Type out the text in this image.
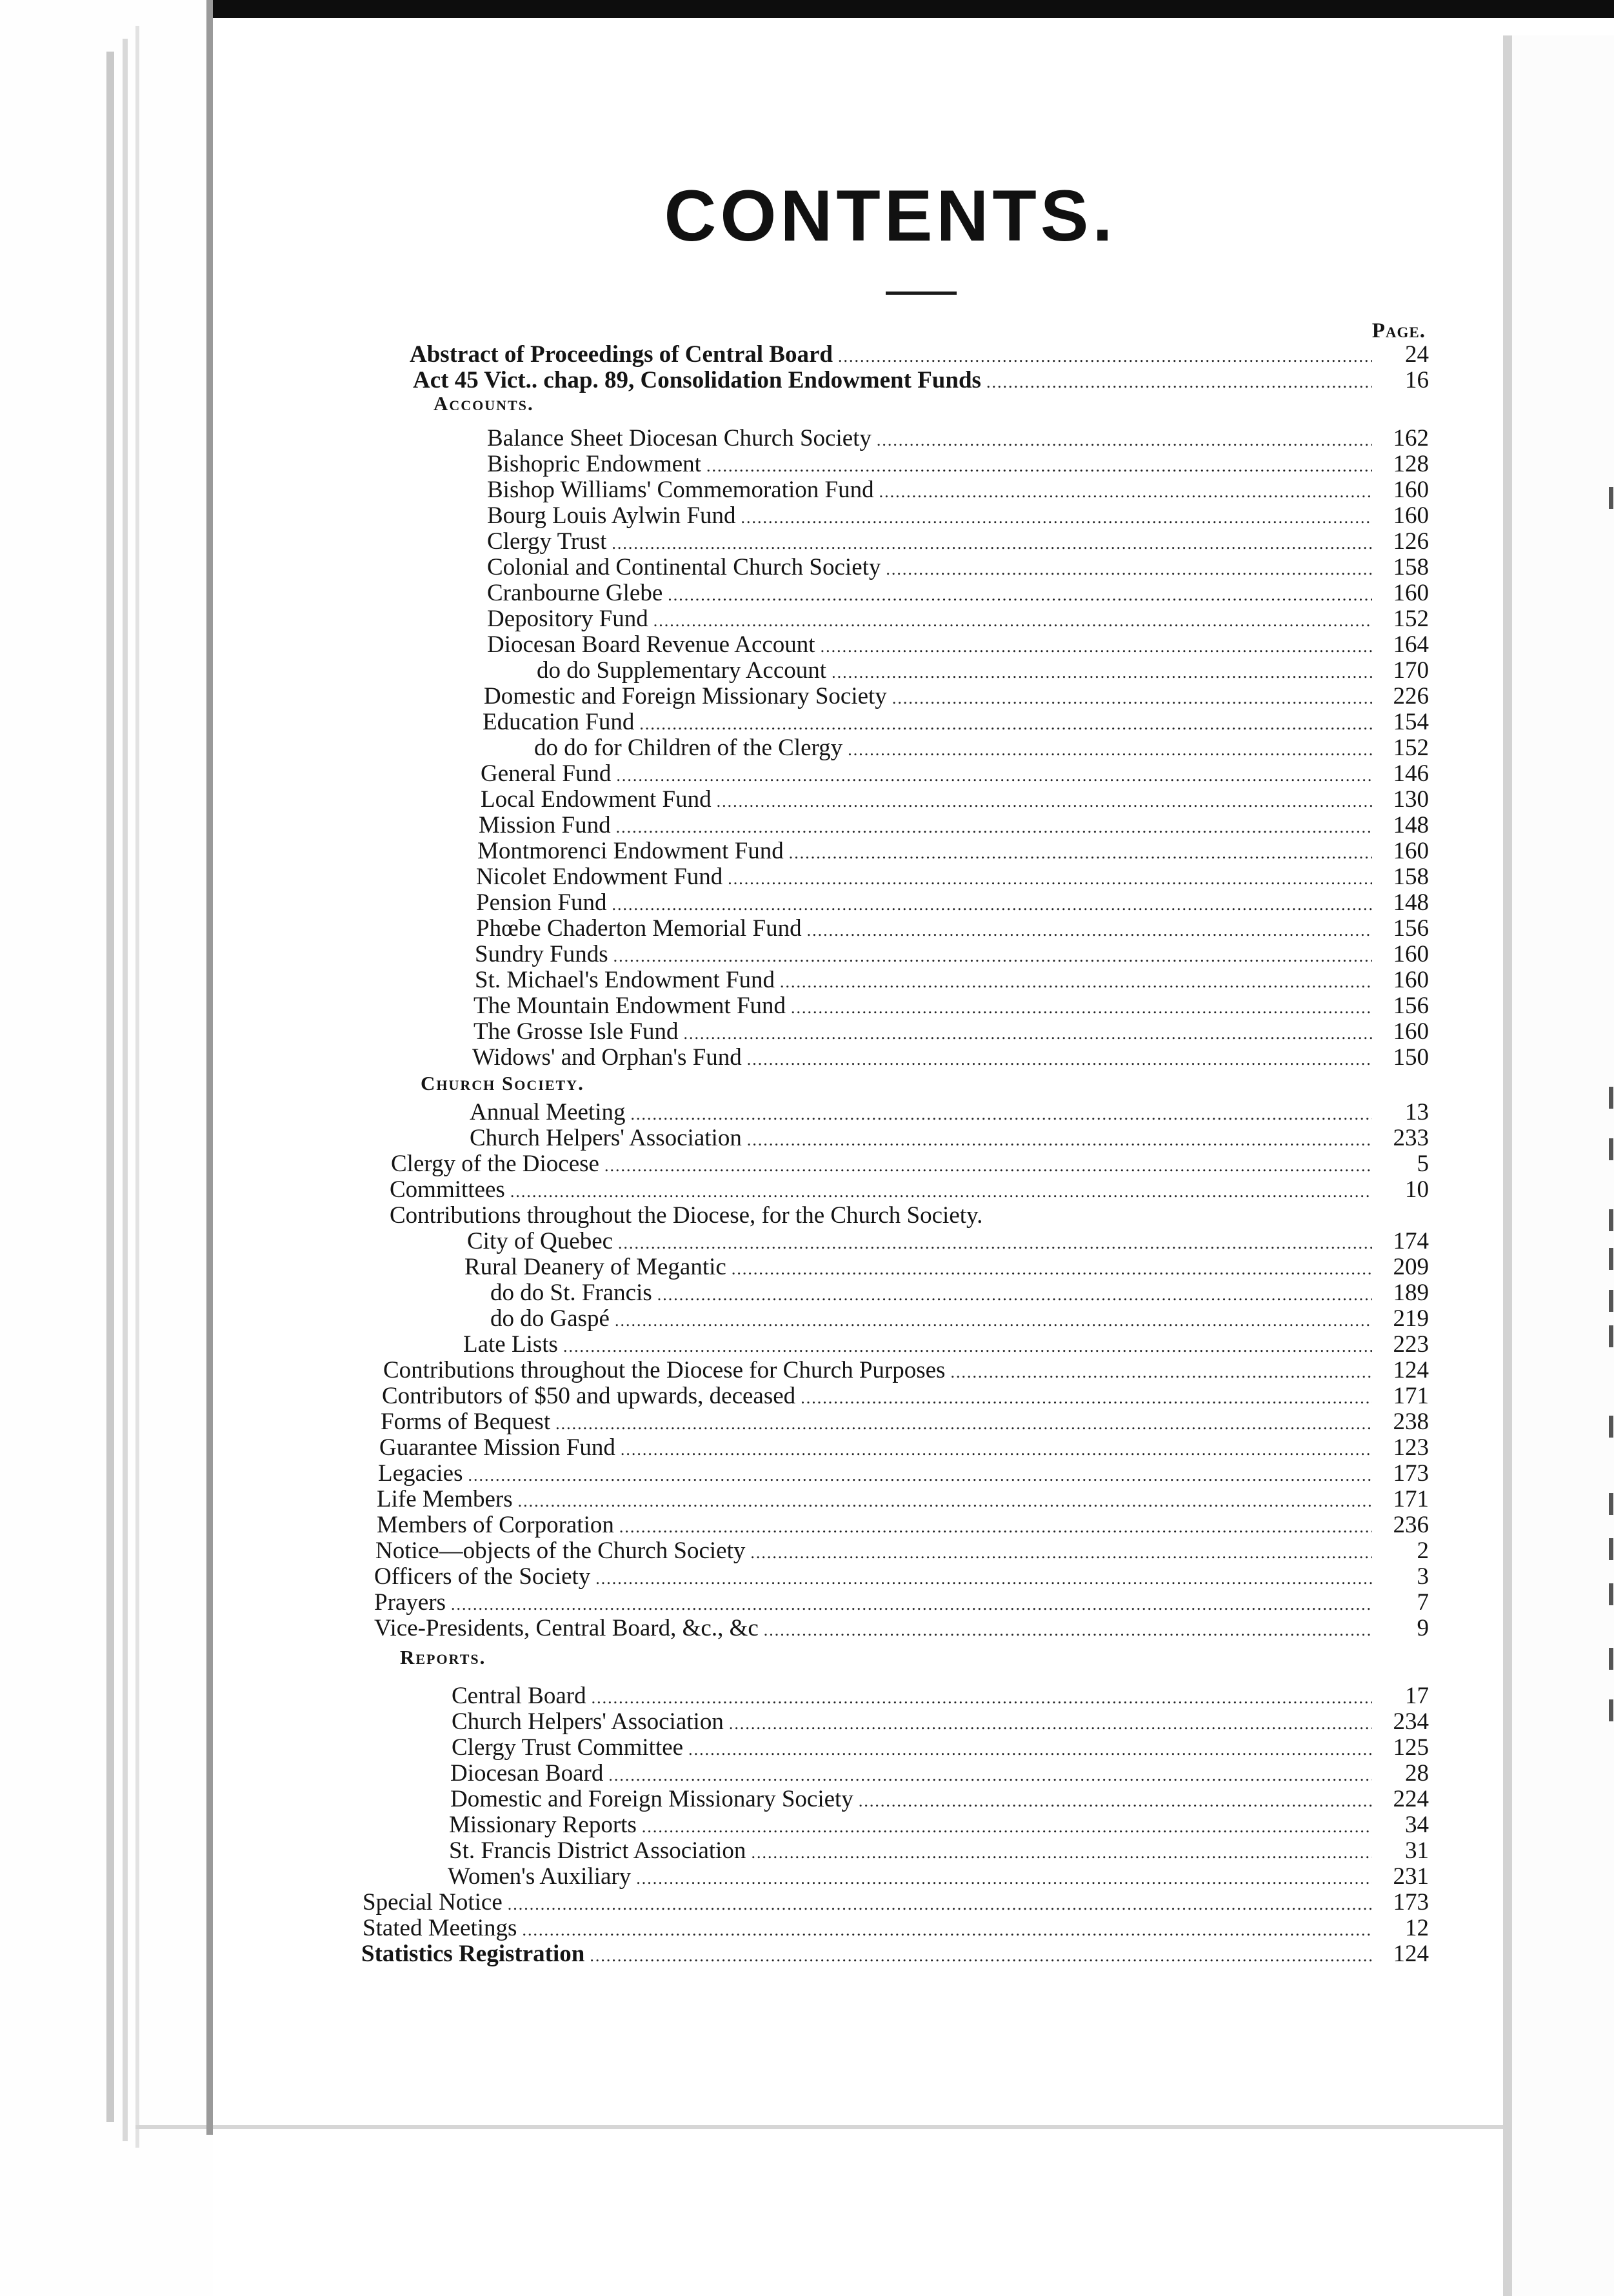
CONTENTS.
Page.
Abstract of Proceedings of Central Board .....	24
Act 45 Vict.. chap. 89, Consolidation Endowment Funds .....	16
Accounts.
Balance Sheet Diocesan Church Society .....	162
Bishopric Endowment .....	128
Bishop Williams' Commemoration Fund .....	160
Bourg Louis Aylwin Fund .....	160
Clergy Trust .....	126
Colonial and Continental Church Society .....	158
Cranbourne Glebe .....	160
Depository Fund .....	152
Diocesan Board Revenue Account .....	164
do do Supplementary Account .....	170
Domestic and Foreign Missionary Society .....	226
Education Fund .....	154
do do for Children of the Clergy .....	152
General Fund .....	146
Local Endowment Fund .....	130
Mission Fund .....	148
Montmorenci Endowment Fund .....	160
Nicolet Endowment Fund .....	158
Pension Fund .....	148
Phœbe Chaderton Memorial Fund .....	156
Sundry Funds .....	160
St. Michael's Endowment Fund .....	160
The Mountain Endowment Fund .....	156
The Grosse Isle Fund .....	160
Widows' and Orphan's Fund .....	150
Church Society.
Annual Meeting .....	13
Church Helpers' Association .....	233
Clergy of the Diocese .....	5
Committees .....	10
Contributions throughout the Diocese, for the Church Society.
City of Quebec .....	174
Rural Deanery of Megantic .....	209
do do St. Francis .....	189
do do Gaspé .....	219
Late Lists .....	223
Contributions throughout the Diocese for Church Purposes .....	124
Contributors of $50 and upwards, deceased .....	171
Forms of Bequest .....	238
Guarantee Mission Fund .....	123
Legacies .....	173
Life Members .....	171
Members of Corporation .....	236
Notice—objects of the Church Society .....	2
Officers of the Society .....	3
Prayers .....	7
Vice-Presidents, Central Board, &c., &c .....	9
Reports.
Central Board .....	17
Church Helpers' Association .....	234
Clergy Trust Committee .....	125
Diocesan Board .....	28
Domestic and Foreign Missionary Society .....	224
Missionary Reports .....	34
St. Francis District Association .....	31
Women's Auxiliary .....	231
Special Notice .....	173
Stated Meetings .....	12
Statistics Registration .....	124
